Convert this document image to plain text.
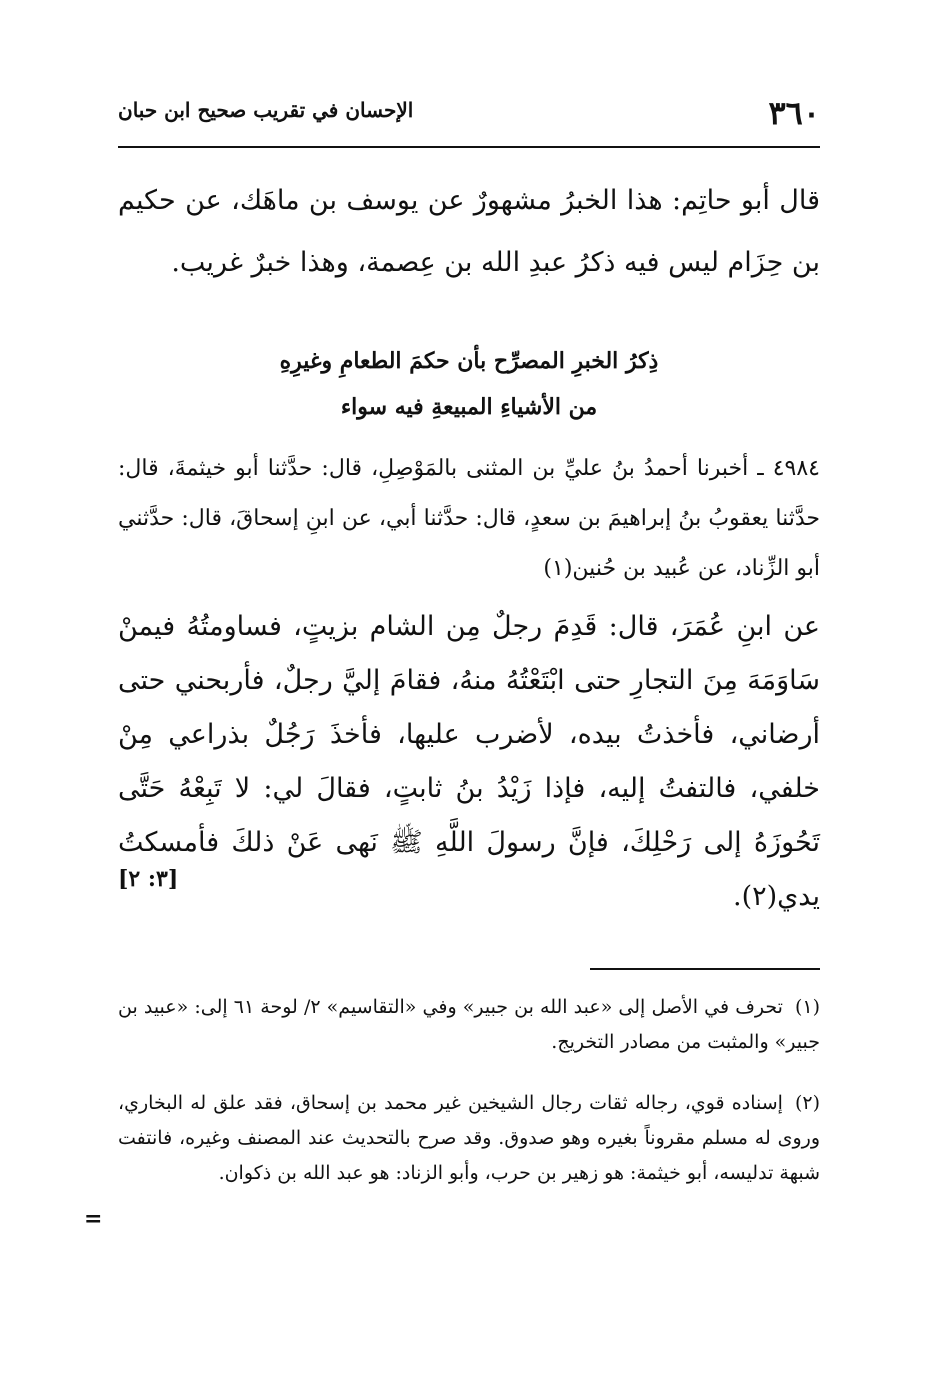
٣٦٠
الإحسان في تقريب صحيح ابن حبان

قال أبو حاتِم: هذا الخبرُ مشهورٌ عن يوسف بن ماهَك، عن حكيم بن حِزَام ليس فيه ذكرُ عبدِ الله بن عِصمة، وهذا خبرٌ غريب.

ذِكرُ الخبرِ المصرِّح بأن حكمَ الطعامِ وغيرِهِ
من الأشياءِ المبيعةِ فيه سواء

٤٩٨٤ ـ أخبرنا أحمدُ بنُ عليِّ بن المثنى بالمَوْصِلِ، قال: حدَّثنا أبو خيثمةَ، قال: حدَّثنا يعقوبُ بنُ إبراهيمَ بن سعدٍ، قال: حدَّثنا أبي، عن ابنِ إسحاقَ، قال: حدَّثني أبو الزِّناد، عن عُبيد بن حُنين(١)

عن ابنِ عُمَرَ، قال: قَدِمَ رجلٌ مِن الشام بزيتٍ، فساومتُهُ فيمنْ سَاوَمَهَ مِنَ التجارِ حتى ابْتَعْتُهُ منهُ، فقامَ إليَّ رجلٌ، فأربحني حتى أرضاني، فأخذتُ بيده، لأضرب عليها، فأخذَ رَجُلٌ بذراعي مِنْ خلفي، فالتفتُ إليه، فإذا زَيْدُ بنُ ثابتٍ، فقالَ لي: لا تَبِعْهُ حَتَّى تَحُوزَهُ إلى رَحْلِكَ، فإنَّ رسولَ اللَّهِ ﷺ نَهى عَنْ ذلكَ فأمسكتُ يدي(٢).

[٣: ٢]

(١)تحرف في الأصل إلى «عبد الله بن جبير» وفي «التقاسيم» ٢/ لوحة ٦١ إلى: «عبيد بن جبير» والمثبت من مصادر التخريج.

(٢)إسناده قوي، رجاله ثقات رجال الشيخين غير محمد بن إسحاق، فقد علق له البخاري، وروى له مسلم مقروناً بغيره وهو صدوق. وقد صرح بالتحديث عند المصنف وغيره، فانتفت شبهة تدليسه، أبو خيثمة: هو زهير بن حرب، وأبو الزناد: هو عبد الله بن ذكوان.

=
